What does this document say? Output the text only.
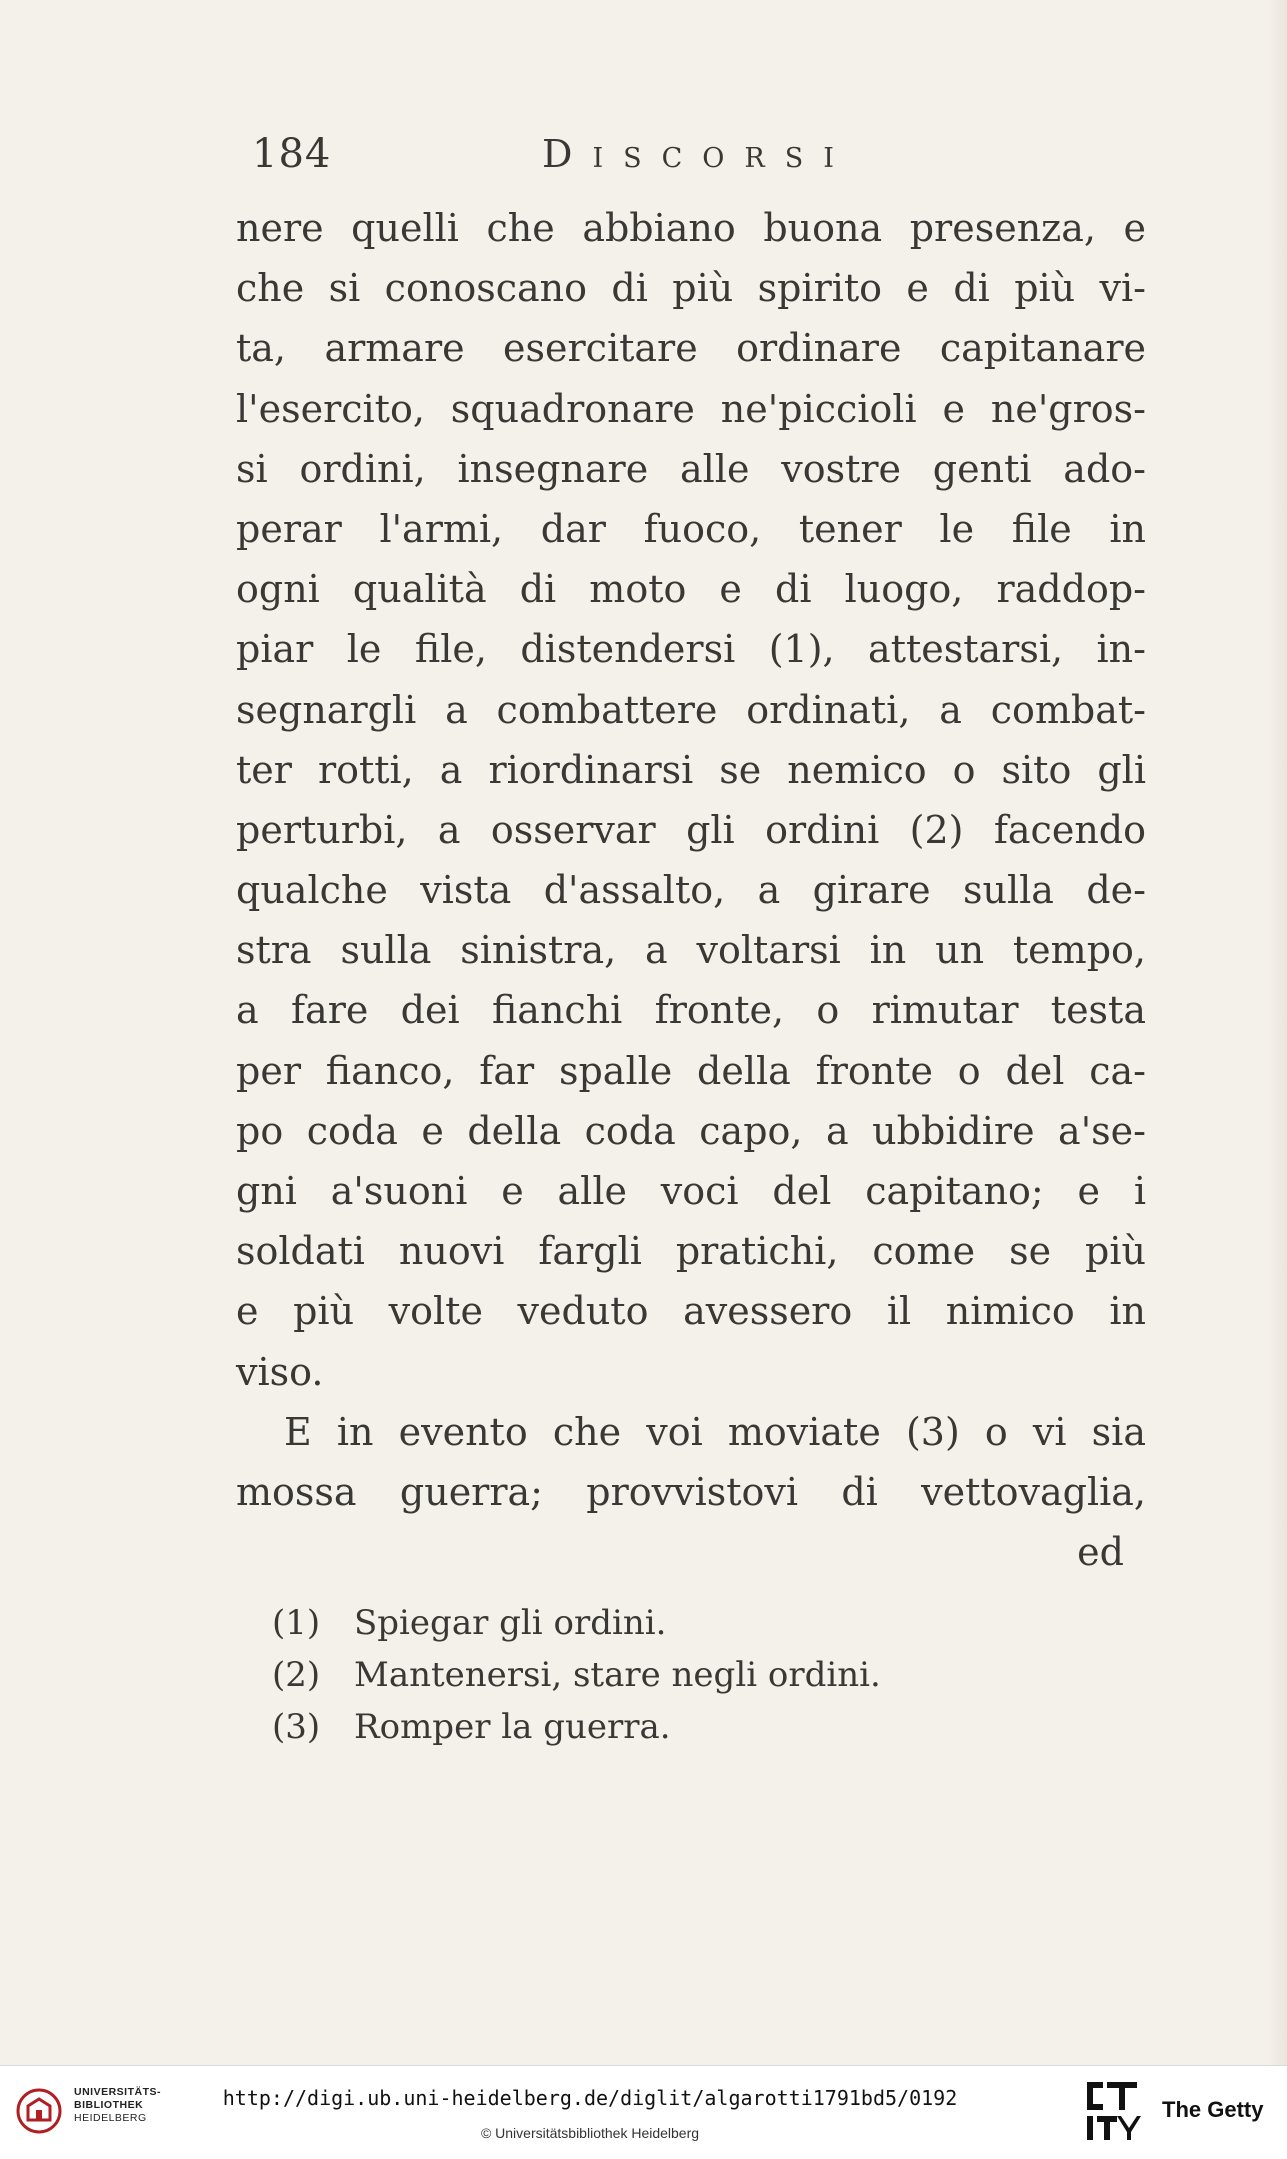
184	Discorsi
nere quelli che abbiano buona presenza, e
che si conoscano di più spirito e di più vi-
ta, armare esercitare ordinare capitanare
l'esercito, squadronare ne'piccioli e ne'gros-
si ordini, insegnare alle vostre genti ado-
perar l'armi, dar fuoco, tener le file in
ogni qualità di moto e di luogo, raddop-
piar le file, distendersi (1), attestarsi, in-
segnargli a combattere ordinati, a combat-
ter rotti, a riordinarsi se nemico o sito gli
perturbi, a osservar gli ordini (2) facendo
qualche vista d'assalto, a girare sulla de-
stra sulla sinistra, a voltarsi in un tempo,
a fare dei fianchi fronte, o rimutar testa
per fianco, far spalle della fronte o del ca-
po coda e della coda capo, a ubbidire a'se-
gni a'suoni e alle voci del capitano; e i
soldati nuovi fargli pratichi, come se più
e più volte veduto avessero il nimico in
viso.
E in evento che voi moviate (3) o vi sia
mossa guerra; provvistovi di vettovaglia,
ed
(1) Spiegar gli ordini.
(2) Mantenersi, stare negli ordini.
(3) Romper la guerra.
UNIVERSITÄTS-
BIBLIOTHEK
HEIDELBERG
http://digi.ub.uni-heidelberg.de/diglit/algarotti1791bd5/0192
© Universitätsbibliothek Heidelberg
The Getty
